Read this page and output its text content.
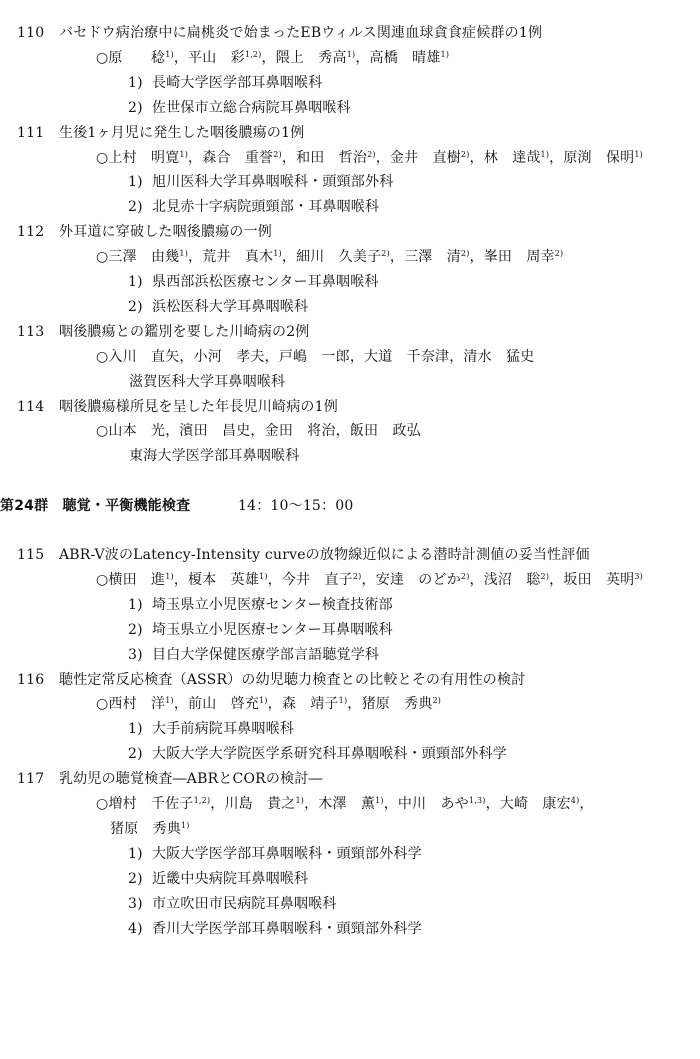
110 バセドウ病治療中に扁桃炎で始まったEBウィルス関連血球貪食症候群の1例
○原　　稔$^{1)}$，平山　彩$^{1,2)}$，隈上　秀高$^{1)}$，高橋　晴雄$^{1)}$
1) 長崎大学医学部耳鼻咽喉科
2) 佐世保市立総合病院耳鼻咽喉科
111 生後1ヶ月児に発生した咽後膿瘍の1例
○上村　明寛$^{1)}$，森合　重誉$^{2)}$，和田　哲治$^{2)}$，金井　直樹$^{2)}$，林　達哉$^{1)}$，原渕　保明$^{1)}$
1) 旭川医科大学耳鼻咽喉科・頭頸部外科
2) 北見赤十字病院頭頸部・耳鼻咽喉科
112 外耳道に穿破した咽後膿瘍の一例
○三澤　由幾$^{1)}$，荒井　真木$^{1)}$，細川　久美子$^{2)}$，三澤　清$^{2)}$，峯田　周幸$^{2)}$
1) 県西部浜松医療センター耳鼻咽喉科
2) 浜松医科大学耳鼻咽喉科
113 咽後膿瘍との鑑別を要した川崎病の2例
○入川　直矢，小河　孝夫，戸嶋　一郎，大道　千奈津，清水　猛史
滋賀医科大学耳鼻咽喉科
114 咽後膿瘍様所見を呈した年長児川崎病の1例
○山本　光，濱田　昌史，金田　将治，飯田　政弘
東海大学医学部耳鼻咽喉科
第24群　聴覚・平衡機能検査	14：10〜15：00
115 ABR-V波のLatency-Intensity curveの放物線近似による潜時計測値の妥当性評価
○横田　進$^{1)}$，榎本　英雄$^{1)}$，今井　直子$^{2)}$，安達　のどか$^{2)}$，浅沼　聡$^{2)}$，坂田　英明$^{3)}$
1) 埼玉県立小児医療センター検査技術部
2) 埼玉県立小児医療センター耳鼻咽喉科
3) 目白大学保健医療学部言語聴覚学科
116 聴性定常反応検査（ASSR）の幼児聴力検査との比較とその有用性の検討
○西村　洋$^{1)}$，前山　啓充$^{1)}$，森　靖子$^{1)}$，猪原　秀典$^{2)}$
1) 大手前病院耳鼻咽喉科
2) 大阪大学大学院医学系研究科耳鼻咽喉科・頭頸部外科学
117 乳幼児の聴覚検査―ABRとCORの検討―
○増村　千佐子$^{1,2)}$，川島　貴之$^{1)}$，木澤　薫$^{1)}$，中川　あや$^{1,3)}$，大崎　康宏$^{4)}$，
猪原　秀典$^{1)}$
1) 大阪大学医学部耳鼻咽喉科・頭頸部外科学
2) 近畿中央病院耳鼻咽喉科
3) 市立吹田市民病院耳鼻咽喉科
4) 香川大学医学部耳鼻咽喉科・頭頸部外科学
